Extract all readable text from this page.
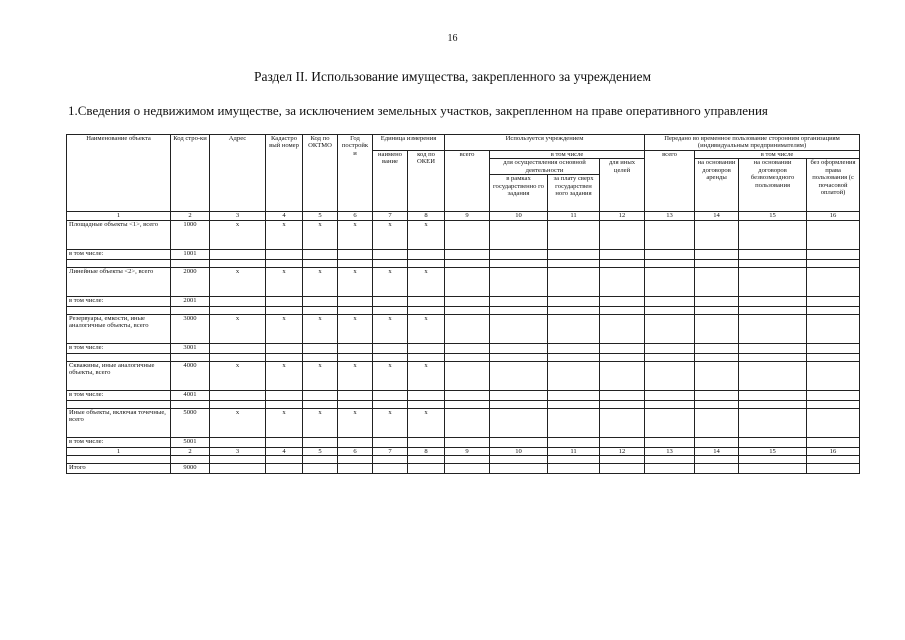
16
Раздел II. Использование имущества, закрепленного за учреждением
1.Сведения о недвижимом имуществе, за исключением земельных участков, закрепленном на праве оперативного управления
Наименование объекта	Код стро-ки	Адрес	Кадастро вый номер	Код по ОКТМО	Год постройк и	Единица измерения		Используется учреждением				Передано во временное пользование сторонним организациям (индивидуальным предпринимателям)			
						наимено вание	код по ОКЕИ	всего	в том числе			всего	в том числе		
									для осуществления основной деятельности		для иных целей		на основании договоров аренды	на основании договоров безвозмездного пользования	без оформления права пользования (с почасовой оплатой)
									в рамках государственно го задания	за плату сверх государствен ного задания					
1	2	3	4	5	6	7	8	9	10	11	12	13	14	15	16
Площадные объекты <1>, всего	1000	x	x	x	x	x	x								
в том числе:	1001														

Линейные объекты <2>, всего	2000	x	x	x	x	x	x								
в том числе:	2001														

Резервуары, емкости, иные аналогичные объекты, всего	3000	x	x	x	x	x	x								
в том числе:	3001														

Скважины, иные аналогичные объекты, всего	4000	x	x	x	x	x	x								
в том числе:	4001														

Иные объекты, включая точечные, всего	5000	x	x	x	x	x	x								
в том числе:	5001														
1	2	3	4	5	6	7	8	9	10	11	12	13	14	15	16

Итого	9000														
